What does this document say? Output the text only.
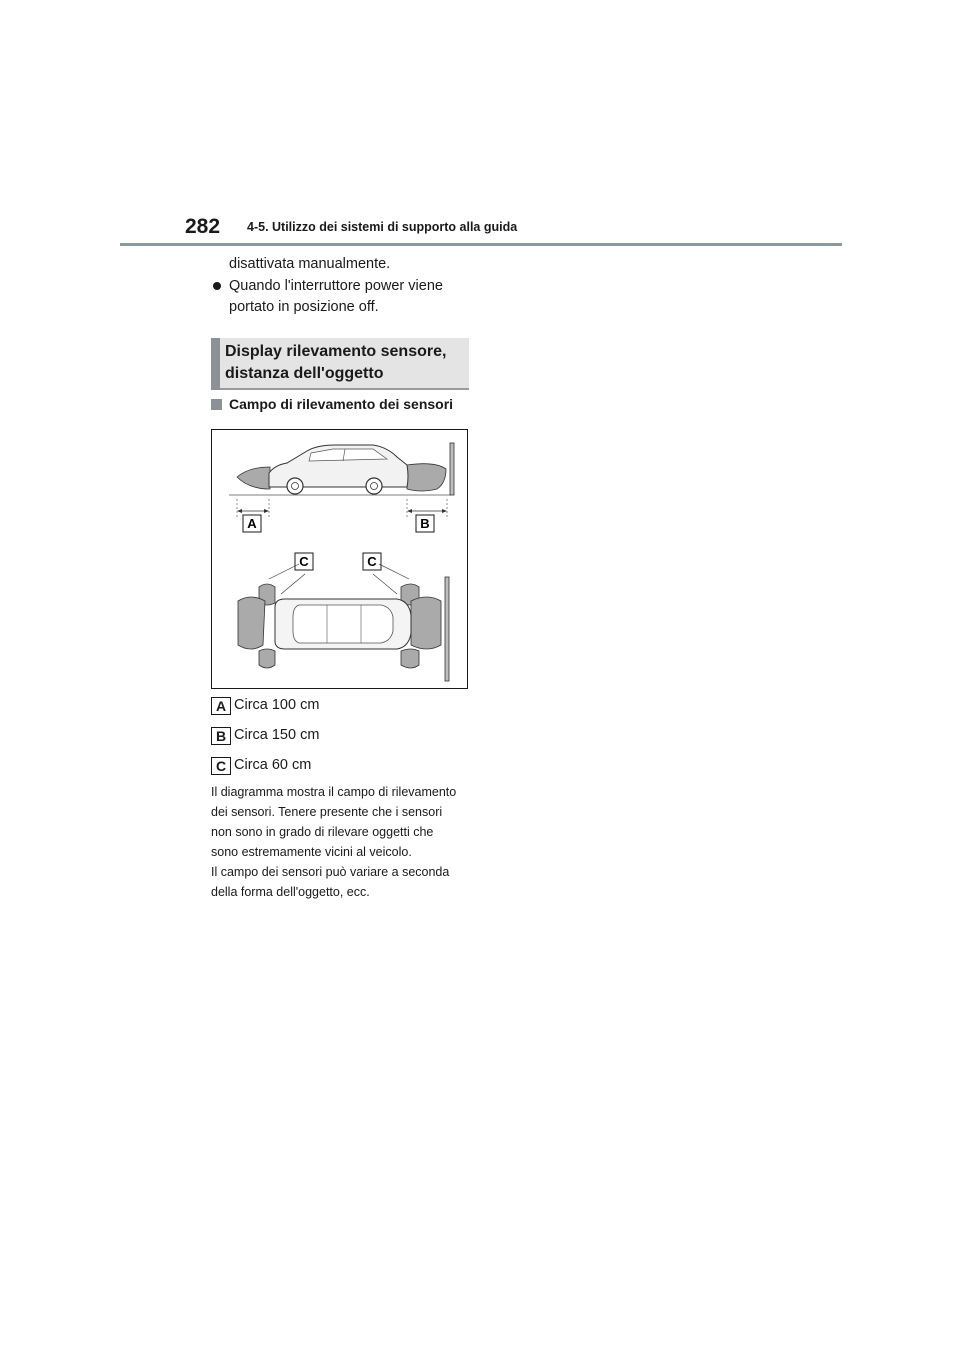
282 4-5. Utilizzo dei sistemi di supporto alla guida
disattivata manualmente.
Quando l'interruttore power viene
portato in posizione off.
Display rilevamento sensore,
distanza dell'oggetto
Campo di rilevamento dei sensori
A	B
C	C
A Circa 100 cm
B Circa 150 cm
C Circa 60 cm
Il diagramma mostra il campo di rilevamento
dei sensori. Tenere presente che i sensori
non sono in grado di rilevare oggetti che
sono estremamente vicini al veicolo.
Il campo dei sensori può variare a seconda
della forma dell'oggetto, ecc.
